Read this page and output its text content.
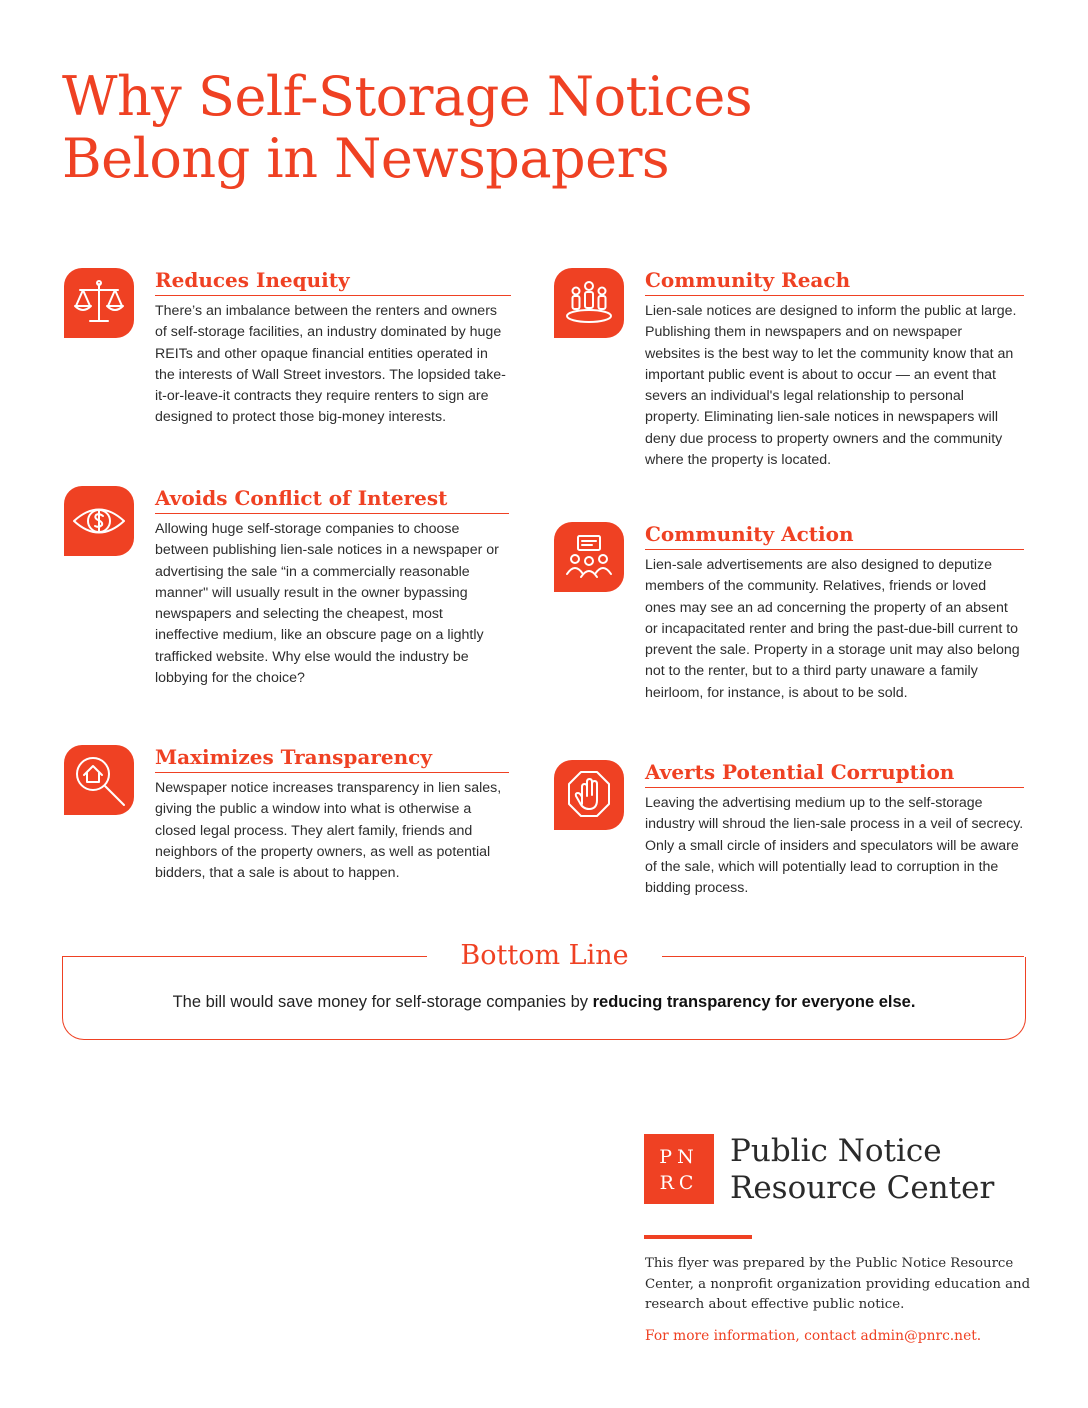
Why Self-Storage Notices
Belong in Newspapers
Reduces Inequity

There’s an imbalance between the renters and owners of self-storage facilities, an industry dominated by huge REITs and other opaque financial entities operated in the interests of Wall Street investors. The lopsided take-it-or-leave-it contracts they require renters to sign are designed to protect those big-money interests.

Avoids Conflict of Interest

Allowing huge self-storage companies to choose between publishing lien-sale notices in a newspaper or advertising the sale “in a commercially reasonable manner" will usually result in the owner bypassing newspapers and selecting the cheapest, most ineffective medium, like an obscure page on a lightly trafficked website. Why else would the industry be lobbying for the choice?

Maximizes Transparency

Newspaper notice increases transparency in lien sales, giving the public a window into what is otherwise a closed legal process. They alert family, friends and neighbors of the property owners, as well as potential bidders, that a sale is about to happen.

Community Reach

Lien-sale notices are designed to inform the public at large. Publishing them in newspapers and on newspaper websites is the best way to let the community know that an important public event is about to occur — an event that severs an individual's legal relationship to personal property. Eliminating lien-sale notices in newspapers will deny due process to property owners and the community where the property is located.

Community Action

Lien-sale advertisements are also designed to deputize members of the community. Relatives, friends or loved ones may see an ad concerning the property of an absent or incapacitated renter and bring the past-due-bill current to prevent the sale. Property in a storage unit may also belong not to the renter, but to a third party unaware a family heirloom, for instance, is about to be sold.

Averts Potential Corruption

Leaving the advertising medium up to the self-storage industry will shroud the lien-sale process in a veil of secrecy. Only a small circle of insiders and speculators will be aware of the sale, which will potentially lead to corruption in the bidding process.

Bottom Line

The bill would save money for self-storage companies by reducing transparency for everyone else.

PN

RC

Public Notice
Resource Center

This flyer was prepared by the Public Notice Resource Center, a nonprofit organization providing education and research about effective public notice.

For more information, contact admin@pnrc.net.
